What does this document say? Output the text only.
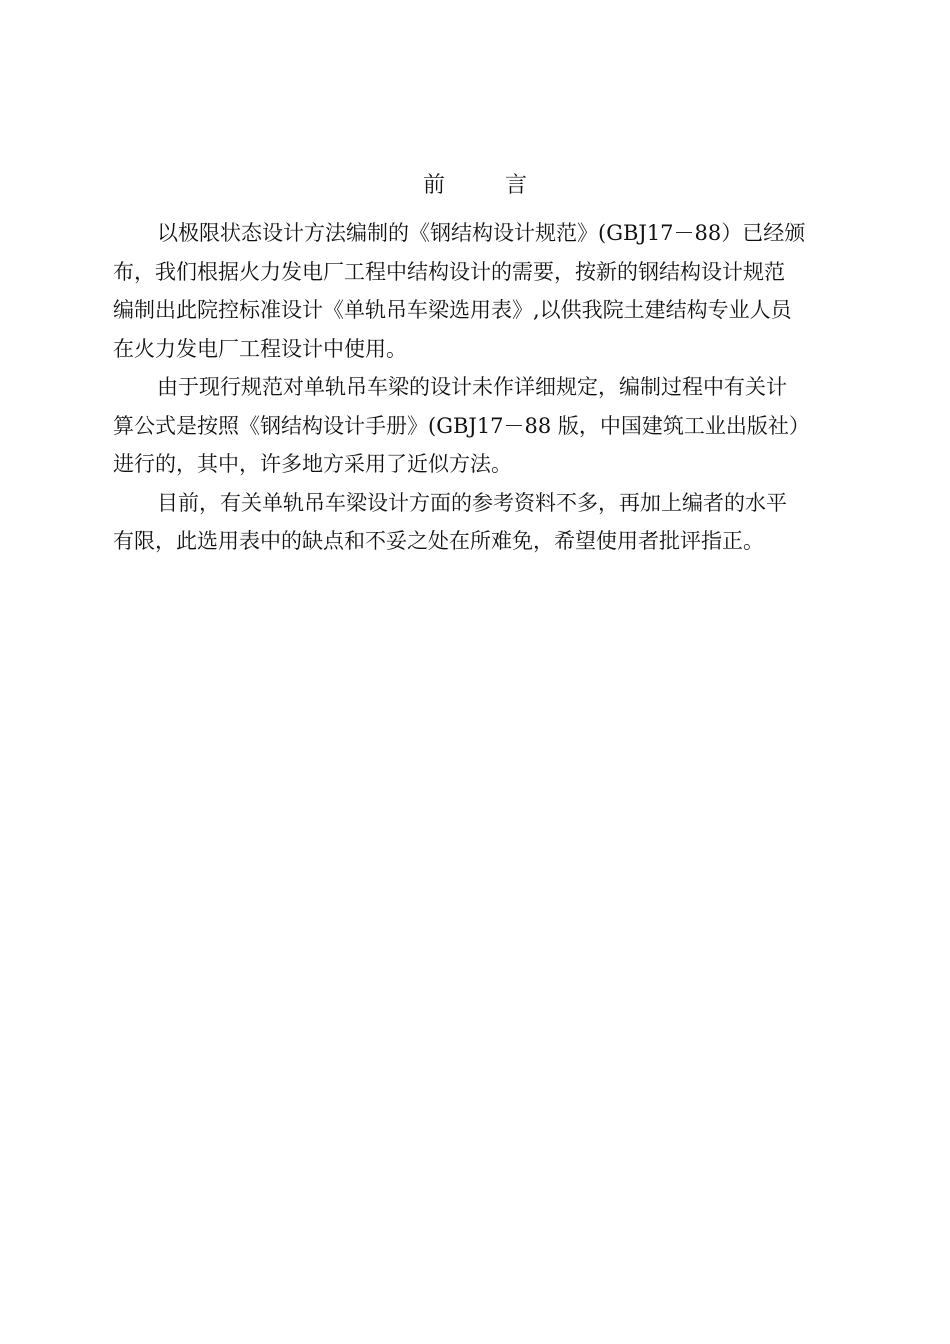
前	言
以极限状态设计方法编制的《钢结构设计规范》(GBJ17－88）已经颁
布，我们根据火力发电厂工程中结构设计的需要，按新的钢结构设计规范
编制出此院控标准设计《单轨吊车梁选用表》,以供我院土建结构专业人员
在火力发电厂工程设计中使用。
由于现行规范对单轨吊车梁的设计未作详细规定，编制过程中有关计
算公式是按照《钢结构设计手册》(GBJ17－88 版，中国建筑工业出版社）
进行的，其中，许多地方采用了近似方法。
目前，有关单轨吊车梁设计方面的参考资料不多，再加上编者的水平
有限，此选用表中的缺点和不妥之处在所难免，希望使用者批评指正。
